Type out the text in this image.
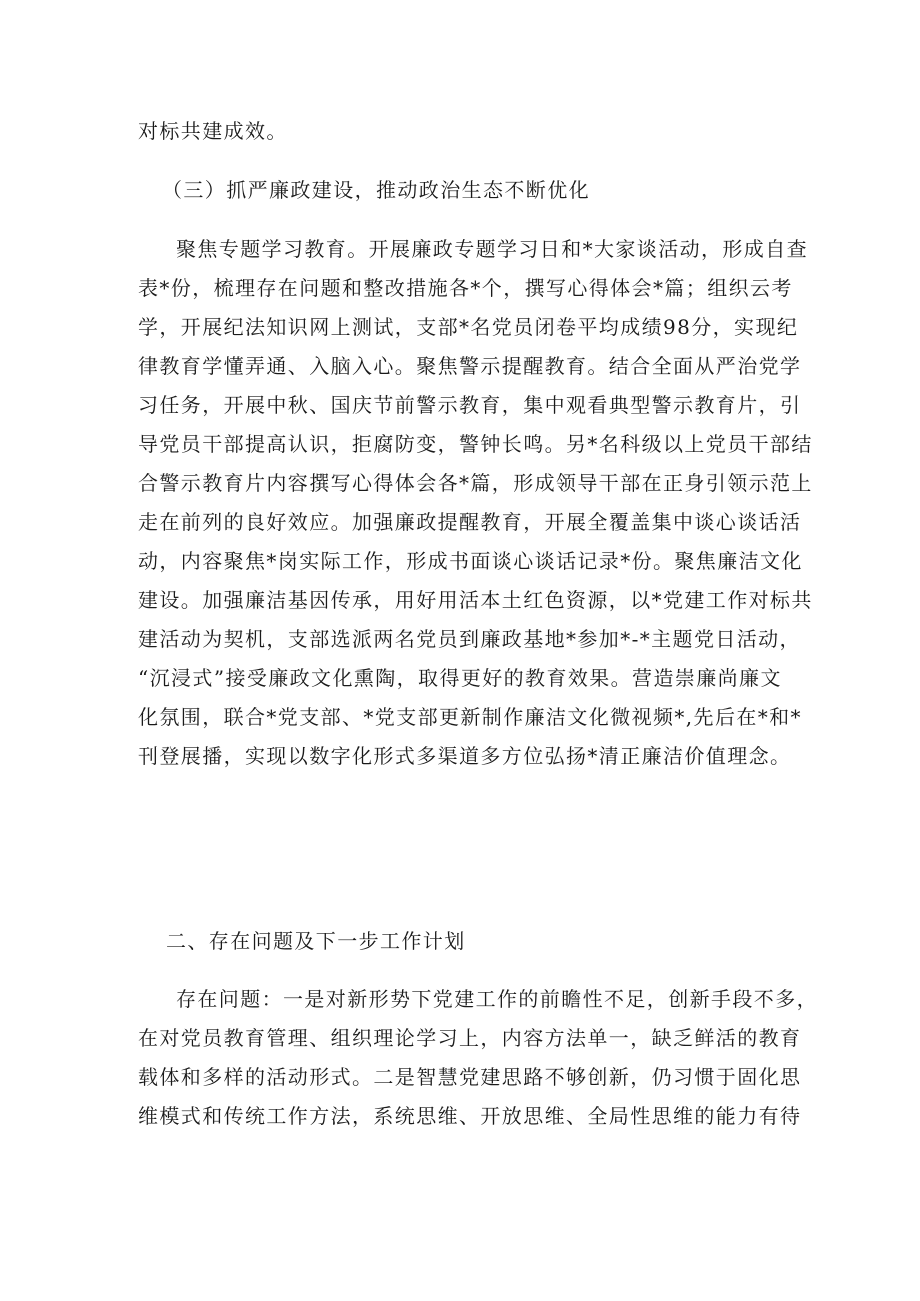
对标共建成效。

（三）抓严廉政建设，推动政治生态不断优化

聚焦专题学习教育。开展廉政专题学习日和*大家谈活动，形成自查
表*份，梳理存在问题和整改措施各*个，撰写心得体会*篇；组织云考
学，开展纪法知识网上测试，支部*名党员闭卷平均成绩98分，实现纪
律教育学懂弄通、入脑入心。聚焦警示提醒教育。结合全面从严治党学
习任务，开展中秋、国庆节前警示教育，集中观看典型警示教育片，引
导党员干部提高认识，拒腐防变，警钟长鸣。另*名科级以上党员干部结
合警示教育片内容撰写心得体会各*篇，形成领导干部在正身引领示范上
走在前列的良好效应。加强廉政提醒教育，开展全覆盖集中谈心谈话活
动，内容聚焦*岗实际工作，形成书面谈心谈话记录*份。聚焦廉洁文化
建设。加强廉洁基因传承，用好用活本土红色资源，以*党建工作对标共
建活动为契机，支部选派两名党员到廉政基地*参加*-*主题党日活动，
“沉浸式”接受廉政文化熏陶，取得更好的教育效果。营造崇廉尚廉文
化氛围，联合*党支部、*党支部更新制作廉洁文化微视频*,先后在*和*
刊登展播，实现以数字化形式多渠道多方位弘扬*清正廉洁价值理念。

二、存在问题及下一步工作计划

存在问题：一是对新形势下党建工作的前瞻性不足，创新手段不多，
在对党员教育管理、组织理论学习上，内容方法单一，缺乏鲜活的教育
载体和多样的活动形式。二是智慧党建思路不够创新，仍习惯于固化思
维模式和传统工作方法，系统思维、开放思维、全局性思维的能力有待
